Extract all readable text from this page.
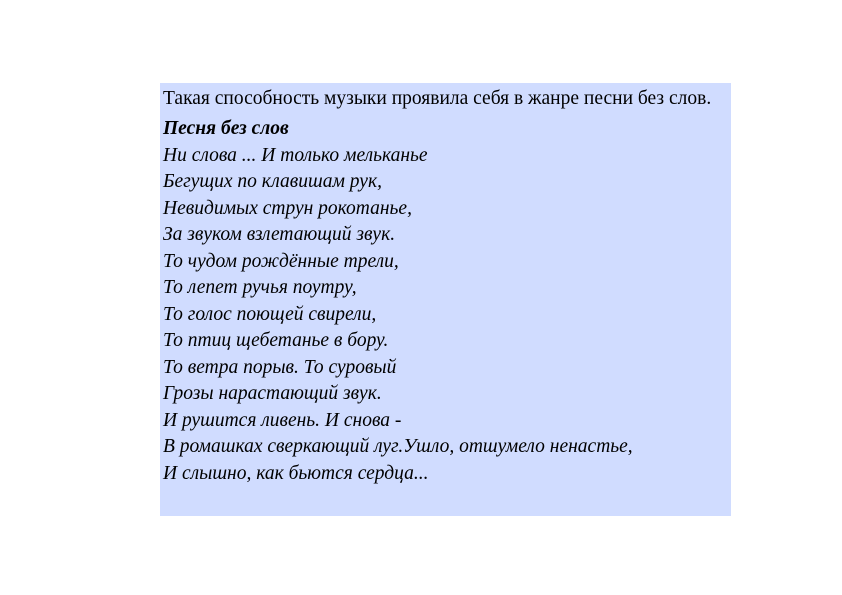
Такая способность музыки проявила себя в жанре песни без слов.

Песня без слов
Ни слова ... И только мельканье
Бегущих по клавишам рук,
Невидимых струн рокотанье,
За звуком взлетающий звук.
То чудом рождённые трели,
То лепет ручья поутру,
То голос поющей свирели,
То птиц щебетанье в бору.
То ветра порыв. То суровый
Грозы нарастающий звук.
И рушится ливень. И снова -
В ромашках сверкающий луг.Ушло, отшумело ненастье,
И слышно, как бьются сердца...
